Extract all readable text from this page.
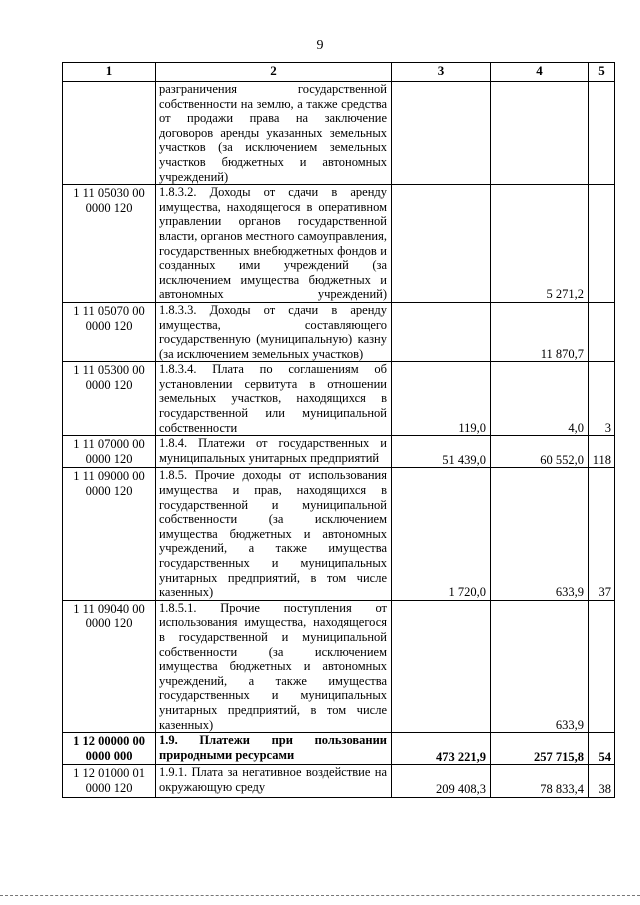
9
1	2	3	4	5
	разграничения государственной собственности на землю, а также средства от продажи права на заключение договоров аренды указанных земельных участков (за исключением земельных участков бюджетных и автономных учреждений)			
1 11 05030 00 0000 120	1.8.3.2. Доходы от сдачи в аренду имущества, находящегося в оперативном управлении органов государственной власти, органов местного самоуправления, государственных внебюджетных фондов и созданных ими учреждений (за исключением имущества бюджетных и автономных учреждений)		5 271,2	
1 11 05070 00 0000 120	1.8.3.3. Доходы от сдачи в аренду имущества, составляющего государственную (муниципальную) казну (за исключением земельных участков)		11 870,7	
1 11 05300 00 0000 120	1.8.3.4. Плата по соглашениям об установлении сервитута в отношении земельных участков, находящихся в государственной или муниципальной собственности	119,0	4,0	3
1 11 07000 00 0000 120	1.8.4. Платежи от государственных и муниципальных унитарных предприятий	51 439,0	60 552,0	118
1 11 09000 00 0000 120	1.8.5. Прочие доходы от использования имущества и прав, находящихся в государственной и муниципальной собственности (за исключением имущества бюджетных и автономных учреждений, а также имущества государственных и муниципальных унитарных предприятий, в том числе казенных)	1 720,0	633,9	37
1 11 09040 00 0000 120	1.8.5.1. Прочие поступления от использования имущества, находящегося в государственной и муниципальной собственности (за исключением имущества бюджетных и автономных учреждений, а также имущества государственных и муниципальных унитарных предприятий, в том числе казенных)		633,9	
1 12 00000 00 0000 000	1.9. Платежи при пользовании природными ресурсами	473 221,9	257 715,8	54
1 12 01000 01 0000 120	1.9.1. Плата за негативное воздействие на окружающую среду	209 408,3	78 833,4	38
